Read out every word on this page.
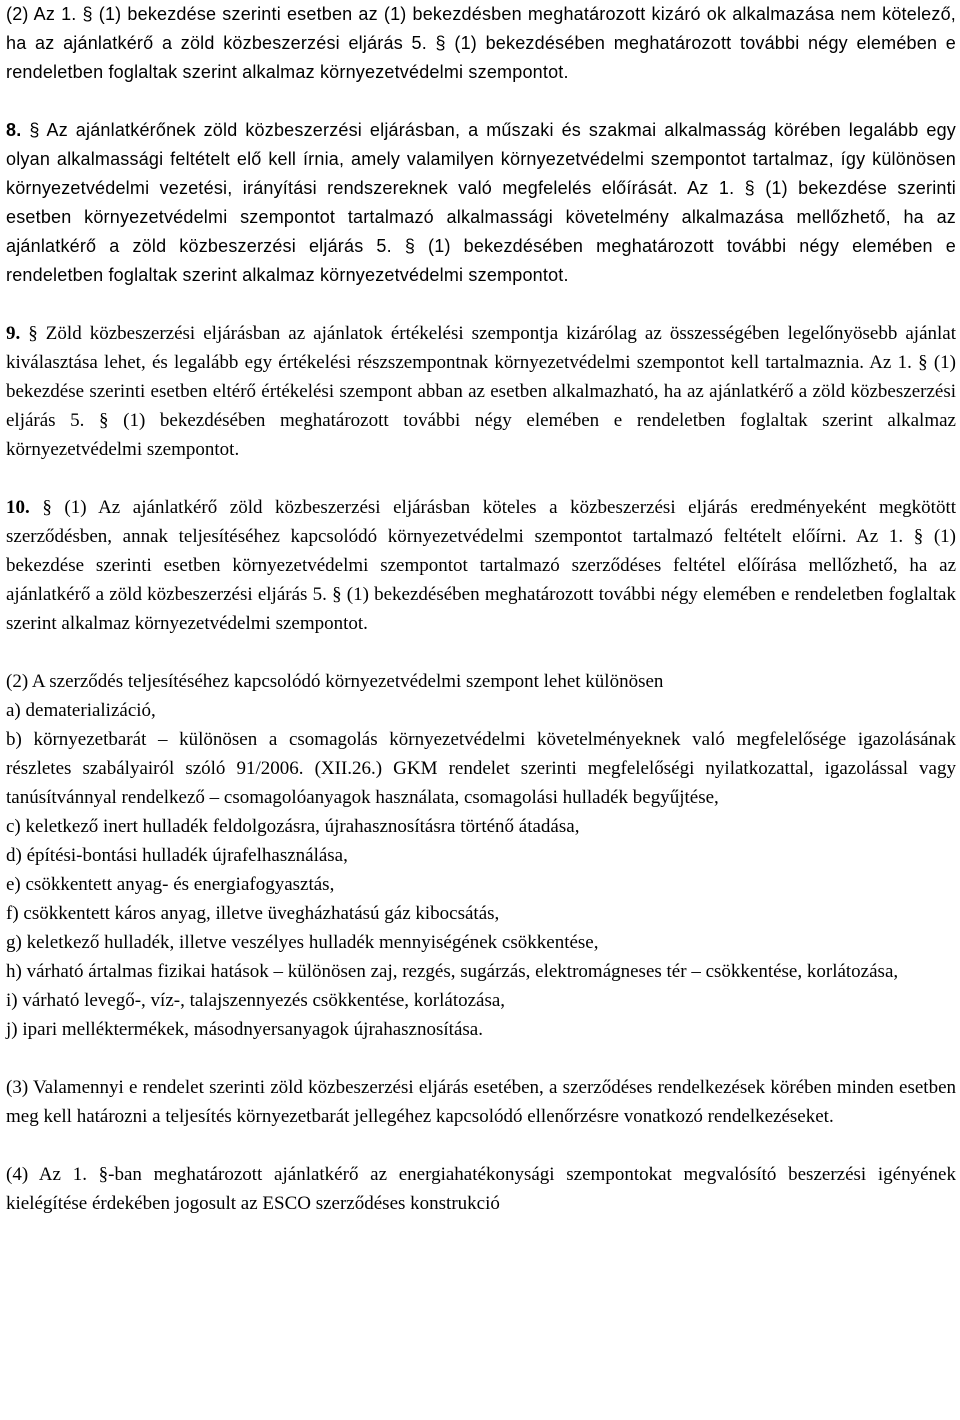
(2) Az 1. § (1) bekezdése szerinti esetben az (1) bekezdésben meghatározott kizáró ok alkalmazása nem kötelező, ha az ajánlatkérő a zöld közbeszerzési eljárás 5. § (1) bekezdésében meghatározott további négy elemében e rendeletben foglaltak szerint alkalmaz környezetvédelmi szempontot.

8. § Az ajánlatkérőnek zöld közbeszerzési eljárásban, a műszaki és szakmai alkalmasság körében legalább egy olyan alkalmassági feltételt elő kell írnia, amely valamilyen környezetvédelmi szempontot tartalmaz, így különösen környezetvédelmi vezetési, irányítási rendszereknek való megfelelés előírását. Az 1. § (1) bekezdése szerinti esetben környezetvédelmi szempontot tartalmazó alkalmassági követelmény alkalmazása mellőzhető, ha az ajánlatkérő a zöld közbeszerzési eljárás 5. § (1) bekezdésében meghatározott további négy elemében e rendeletben foglaltak szerint alkalmaz környezetvédelmi szempontot.

9. § Zöld közbeszerzési eljárásban az ajánlatok értékelési szempontja kizárólag az összességében legelőnyösebb ajánlat kiválasztása lehet, és legalább egy értékelési részszempontnak környezetvédelmi szempontot kell tartalmaznia. Az 1. § (1) bekezdése szerinti esetben eltérő értékelési szempont abban az esetben alkalmazható, ha az ajánlatkérő a zöld közbeszerzési eljárás 5. § (1) bekezdésében meghatározott további négy elemében e rendeletben foglaltak szerint alkalmaz környezetvédelmi szempontot.

10. § (1) Az ajánlatkérő zöld közbeszerzési eljárásban köteles a közbeszerzési eljárás eredményeként megkötött szerződésben, annak teljesítéséhez kapcsolódó környezetvédelmi szempontot tartalmazó feltételt előírni. Az 1. § (1) bekezdése szerinti esetben környezetvédelmi szempontot tartalmazó szerződéses feltétel előírása mellőzhető, ha az ajánlatkérő a zöld közbeszerzési eljárás 5. § (1) bekezdésében meghatározott további négy elemében e rendeletben foglaltak szerint alkalmaz környezetvédelmi szempontot.

(2) A szerződés teljesítéséhez kapcsolódó környezetvédelmi szempont lehet különösen

a) dematerializáció,

b) környezetbarát – különösen a csomagolás környezetvédelmi követelményeknek való megfelelősége igazolásának részletes szabályairól szóló 91/2006. (XII.26.) GKM rendelet szerinti megfelelőségi nyilatkozattal, igazolással vagy tanúsítvánnyal rendelkező – csomagolóanyagok használata, csomagolási hulladék begyűjtése,

c) keletkező inert hulladék feldolgozásra, újrahasznosításra történő átadása,

d) építési-bontási hulladék újrafelhasználása,

e) csökkentett anyag- és energiafogyasztás,

f) csökkentett káros anyag, illetve üvegházhatású gáz kibocsátás,

g) keletkező hulladék, illetve veszélyes hulladék mennyiségének csökkentése,

h) várható ártalmas fizikai hatások – különösen zaj, rezgés, sugárzás, elektromágneses tér – csökkentése, korlátozása,

i) várható levegő-, víz-, talajszennyezés csökkentése, korlátozása,

j) ipari melléktermékek, másodnyersanyagok újrahasznosítása.

(3) Valamennyi e rendelet szerinti zöld közbeszerzési eljárás esetében, a szerződéses rendelkezések körében minden esetben meg kell határozni a teljesítés környezetbarát jellegéhez kapcsolódó ellenőrzésre vonatkozó rendelkezéseket.

(4) Az 1. §-ban meghatározott ajánlatkérő az energiahatékonysági szempontokat megvalósító beszerzési igényének kielégítése érdekében jogosult az ESCO szerződéses konstrukció
